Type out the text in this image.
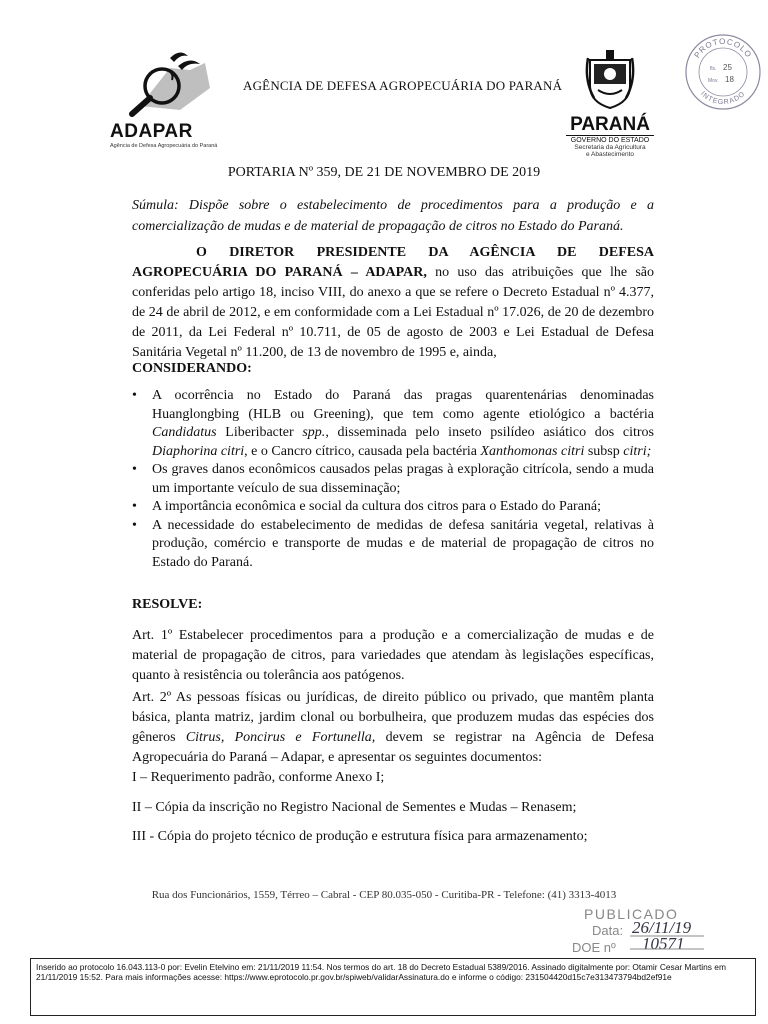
ADAPAR
Agência de Defesa Agropecuária do Paraná
AGÊNCIA DE DEFESA AGROPECUÁRIA DO PARANÁ
PARANÁ
GOVERNO DO ESTADO
Secretaria da Agricultura
e Abastecimento
PROTOCOLO
INTEGRADO
fls. 25
Mov. 18
PORTARIA Nº 359, DE 21 DE NOVEMBRO DE 2019
Súmula: Dispõe sobre o estabelecimento de procedimentos para a produção e a comercialização de mudas e de material de propagação de citros no Estado do Paraná.
O DIRETOR PRESIDENTE DA AGÊNCIA DE DEFESA AGROPECUÁRIA DO PARANÁ – ADAPAR, no uso das atribuições que lhe são conferidas pelo artigo 18, inciso VIII, do anexo a que se refere o Decreto Estadual nº 4.377, de 24 de abril de 2012, e em conformidade com a Lei Estadual nº 17.026, de 20 de dezembro de 2011, da Lei Federal nº 10.711, de 05 de agosto de 2003 e Lei Estadual de Defesa Sanitária Vegetal nº 11.200, de 13 de novembro de 1995 e, ainda,
CONSIDERANDO:
• A ocorrência no Estado do Paraná das pragas quarentenárias denominadas Huanglongbing (HLB ou Greening), que tem como agente etiológico a bactéria Candidatus Liberibacter spp., disseminada pelo inseto psilídeo asiático dos citros Diaphorina citri, e o Cancro cítrico, causada pela bactéria Xanthomonas citri subsp citri;
• Os graves danos econômicos causados pelas pragas à exploração citrícola, sendo a muda um importante veículo de sua disseminação;
• A importância econômica e social da cultura dos citros para o Estado do Paraná;
• A necessidade do estabelecimento de medidas de defesa sanitária vegetal, relativas à produção, comércio e transporte de mudas e de material de propagação de citros no Estado do Paraná.
RESOLVE:
Art. 1º Estabelecer procedimentos para a produção e a comercialização de mudas e de material de propagação de citros, para variedades que atendam às legislações específicas, quanto à resistência ou tolerância aos patógenos.
Art. 2º As pessoas físicas ou jurídicas, de direito público ou privado, que mantêm planta básica, planta matriz, jardim clonal ou borbulheira, que produzem mudas das espécies dos gêneros Citrus, Poncirus e Fortunella, devem se registrar na Agência de Defesa Agropecuária do Paraná – Adapar, e apresentar os seguintes documentos:
I – Requerimento padrão, conforme Anexo I;
II – Cópia da inscrição no Registro Nacional de Sementes e Mudas – Renasem;
III - Cópia do projeto técnico de produção e estrutura física para armazenamento;
Rua dos Funcionários, 1559, Térreo – Cabral - CEP 80.035-050 - Curitiba-PR - Telefone: (41) 3313-4013
PUBLICADO
Data: 26/11/19
DOE nº 10571
Inserido ao protocolo 16.043.113-0 por: Evelin Etelvino em: 21/11/2019 11:54. Nos termos do art. 18 do Decreto Estadual 5389/2016. Assinado digitalmente por: Otamir Cesar Martins em 21/11/2019 15:52. Para mais informações acesse: https://www.eprotocolo.pr.gov.br/spiweb/validarAssinatura.do e informe o código: 231504420d15c7e313473794bd2ef91e
